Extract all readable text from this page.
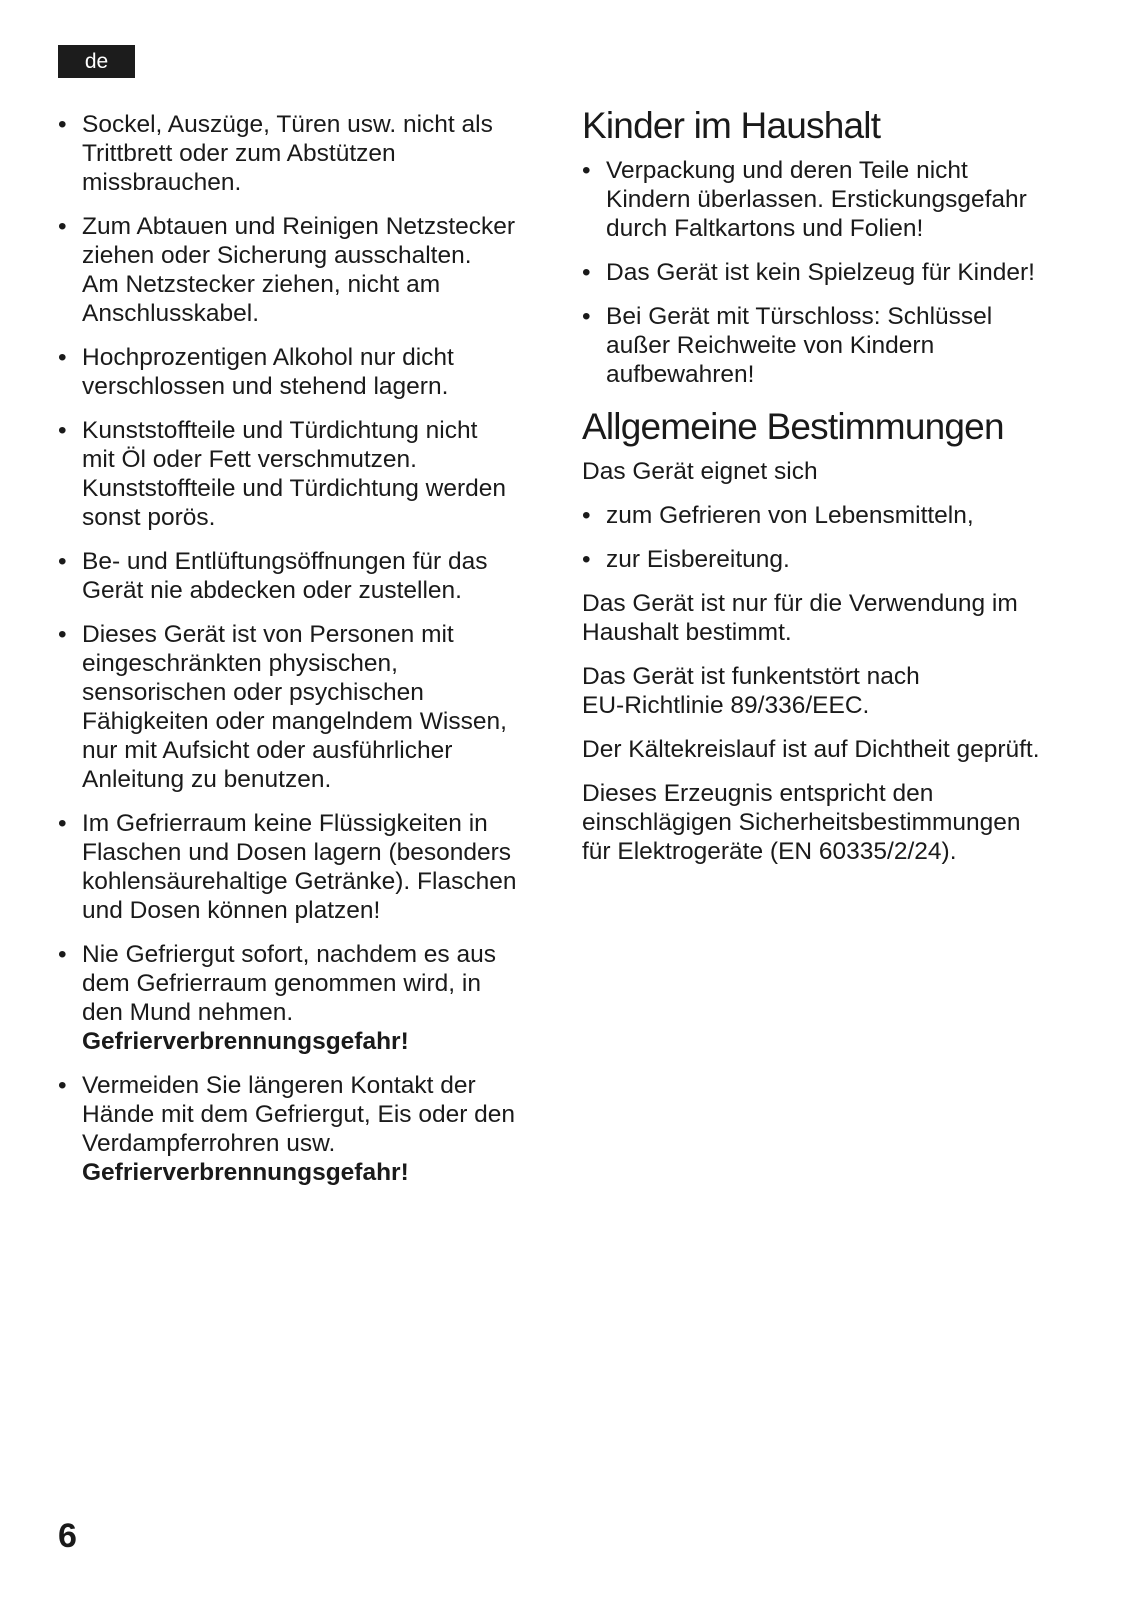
de
• Sockel, Auszüge, Türen usw. nicht als
Trittbrett oder zum Abstützen
missbrauchen.
• Zum Abtauen und Reinigen Netzstecker
ziehen oder Sicherung ausschalten.
Am Netzstecker ziehen, nicht am
Anschlusskabel.
• Hochprozentigen Alkohol nur dicht
verschlossen und stehend lagern.
• Kunststoffteile und Türdichtung nicht
mit Öl oder Fett verschmutzen.
Kunststoffteile und Türdichtung werden
sonst porös.
• Be- und Entlüftungsöffnungen für das
Gerät nie abdecken oder zustellen.
• Dieses Gerät ist von Personen mit
eingeschränkten physischen,
sensorischen oder psychischen
Fähigkeiten oder mangelndem Wissen,
nur mit Aufsicht oder ausführlicher
Anleitung zu benutzen.
• Im Gefrierraum keine Flüssigkeiten in
Flaschen und Dosen lagern (besonders
kohlensäurehaltige Getränke). Flaschen
und Dosen können platzen!
• Nie Gefriergut sofort, nachdem es aus
dem Gefrierraum genommen wird, in
den Mund nehmen.
Gefrierverbrennungsgefahr!
• Vermeiden Sie längeren Kontakt der
Hände mit dem Gefriergut, Eis oder den
Verdampferrohren usw.
Gefrierverbrennungsgefahr!
Kinder im Haushalt
• Verpackung und deren Teile nicht
Kindern überlassen. Erstickungsgefahr
durch Faltkartons und Folien!
• Das Gerät ist kein Spielzeug für Kinder!
• Bei Gerät mit Türschloss: Schlüssel
außer Reichweite von Kindern
aufbewahren!
Allgemeine Bestimmungen

Das Gerät eignet sich

• zum Gefrieren von Lebensmitteln,
• zur Eisbereitung.

Das Gerät ist nur für die Verwendung im
Haushalt bestimmt.

Das Gerät ist funkentstört nach
EU-Richtlinie 89/336/EEC.

Der Kältekreislauf ist auf Dichtheit geprüft.

Dieses Erzeugnis entspricht den
einschlägigen Sicherheitsbestimmungen
für Elektrogeräte (EN 60335/2/24).

6
